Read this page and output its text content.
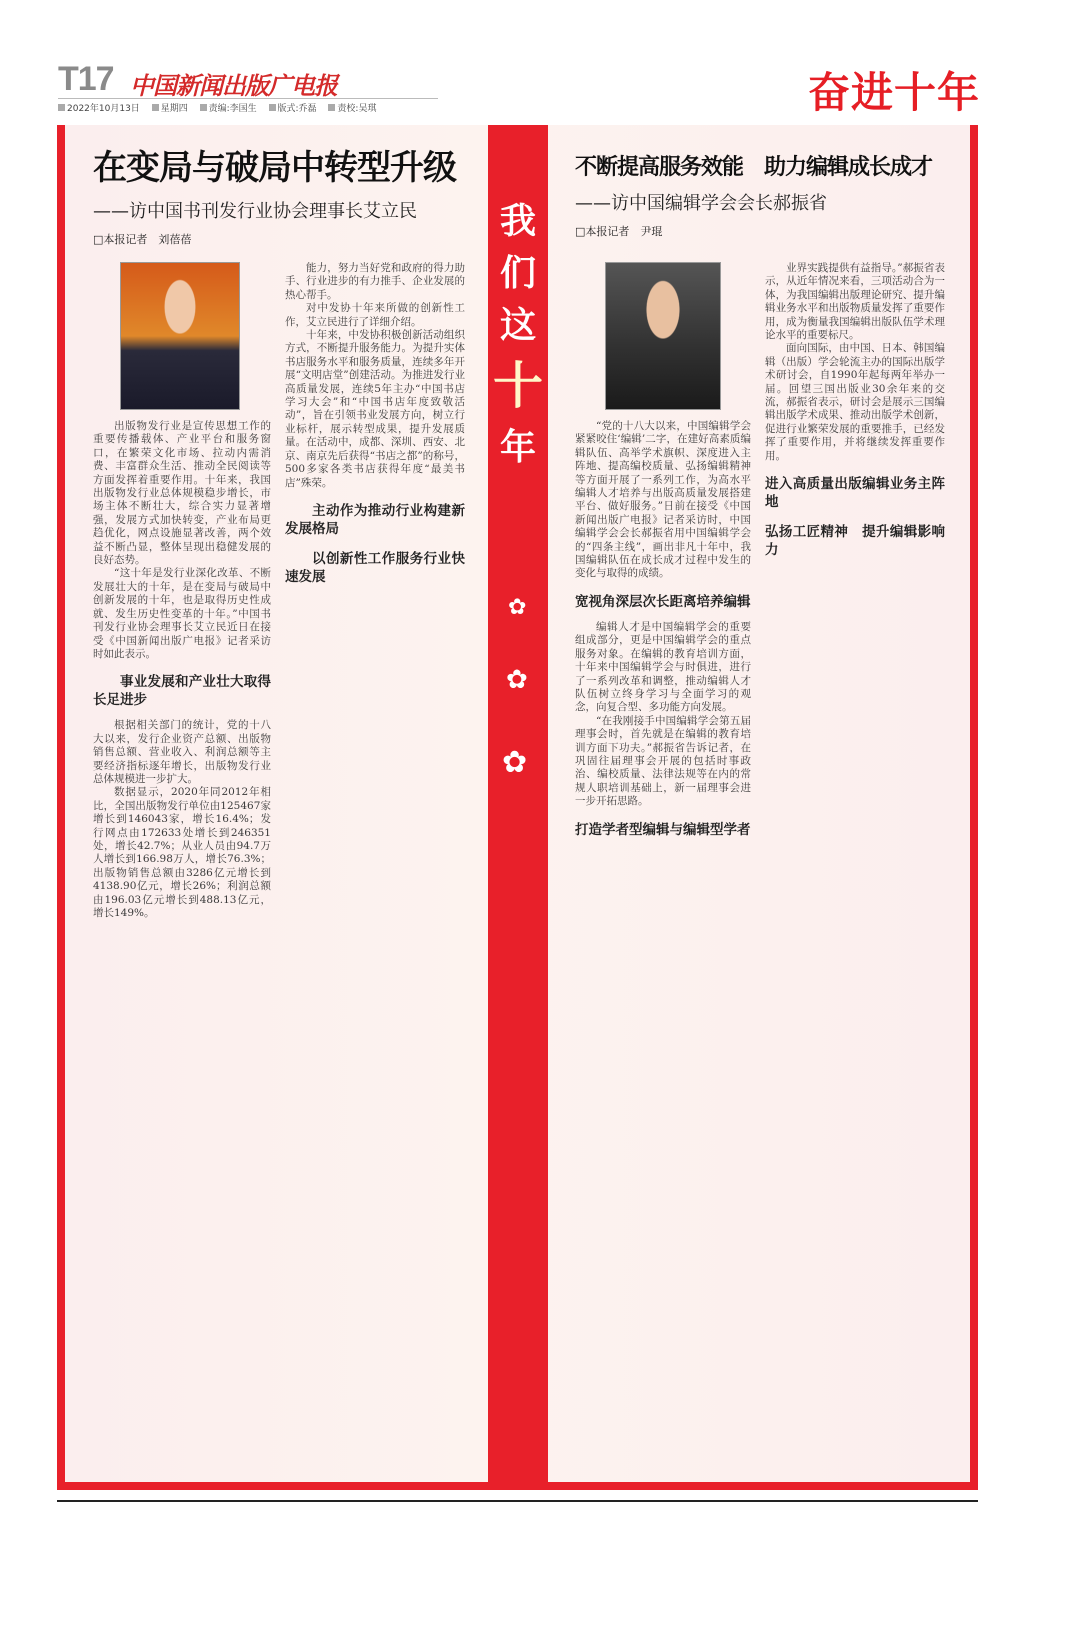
T17 中国新闻出版广电报
2022年10月13日 星期四 责编:李国生 版式:乔磊 责校:吴琪	奋进十年
我
们
这
十
年
✿
✿
✿
在变局与破局中转型升级
——访中国书刊发行业协会理事长艾立民
□本报记者　刘蓓蓓

出版物发行业是宣传思想工作的重要传播载体、产业平台和服务窗口，在繁荣文化市场、拉动内需消费、丰富群众生活、推动全民阅读等方面发挥着重要作用。十年来，我国出版物发行业总体规模稳步增长，市场主体不断壮大，综合实力显著增强，发展方式加快转变，产业布局更趋优化，网点设施显著改善，两个效益不断凸显，整体呈现出稳健发展的良好态势。

“这十年是发行业深化改革、不断发展壮大的十年，是在变局与破局中创新发展的十年，也是取得历史性成就、发生历史性变革的十年。”中国书刊发行业协会理事长艾立民近日在接受《中国新闻出版广电报》记者采访时如此表示。

事业发展和产业壮大取得长足进步

根据相关部门的统计，党的十八大以来，发行企业资产总额、出版物销售总额、营业收入、利润总额等主要经济指标逐年增长，出版物发行业总体规模进一步扩大。

数据显示，2020年同2012年相比，全国出版物发行单位由125467家增长到146043家，增长16.4%；发行网点由172633处增长到246351处，增长42.7%；从业人员由94.7万人增长到166.98万人，增长76.3%；出版物销售总额由3286亿元增长到4138.90亿元，增长26%；利润总额由196.03亿元增长到488.13亿元，增长149%。

能力，努力当好党和政府的得力助手、行业进步的有力推手、企业发展的热心帮手。

对中发协十年来所做的创新性工作，艾立民进行了详细介绍。

十年来，中发协积极创新活动组织方式，不断提升服务能力。为提升实体书店服务水平和服务质量，连续多年开展“文明店堂”创建活动。为推进发行业高质量发展，连续5年主办“中国书店学习大会”和“中国书店年度致敬活动”，旨在引领书业发展方向，树立行业标杆，展示转型成果，提升发展质量。在活动中，成都、深圳、西安、北京、南京先后获得“书店之都”的称号，500多家各类书店获得年度“最美书店”殊荣。

主动作为推动行业构建新发展格局
以创新性工作服务行业快速发展
不断提高服务效能　助力编辑成长成才
——访中国编辑学会会长郝振省
□本报记者　尹琨

“党的十八大以来，中国编辑学会紧紧咬住‘编辑’二字，在建好高素质编辑队伍、高举学术旗帜、深度进入主阵地、提高编校质量、弘扬编辑精神等方面开展了一系列工作，为高水平编辑人才培养与出版高质量发展搭建平台、做好服务。”日前在接受《中国新闻出版广电报》记者采访时，中国编辑学会会长郝振省用中国编辑学会的“四条主线”，画出非凡十年中，我国编辑队伍在成长成才过程中发生的变化与取得的成绩。

宽视角深层次长距离培养编辑

编辑人才是中国编辑学会的重要组成部分，更是中国编辑学会的重点服务对象。在编辑的教育培训方面，十年来中国编辑学会与时俱进，进行了一系列改革和调整，推动编辑人才队伍树立终身学习与全面学习的观念，向复合型、多功能方向发展。

“在我刚接手中国编辑学会第五届理事会时，首先就是在编辑的教育培训方面下功夫。”郝振省告诉记者，在巩固往届理事会开展的包括时事政治、编校质量、法律法规等在内的常规人职培训基础上，新一届理事会进一步开拓思路。

打造学者型编辑与编辑型学者

业界实践提供有益指导。”郝振省表示，从近年情况来看，三项活动合为一体，为我国编辑出版理论研究、提升编辑业务水平和出版物质量发挥了重要作用，成为衡量我国编辑出版队伍学术理论水平的重要标尺。

面向国际，由中国、日本、韩国编辑（出版）学会轮流主办的国际出版学术研讨会，自1990年起每两年举办一届。回望三国出版业30余年来的交流，郝振省表示，研讨会是展示三国编辑出版学术成果、推动出版学术创新，促进行业繁荣发展的重要推手，已经发挥了重要作用，并将继续发挥重要作用。

进入高质量出版编辑业务主阵地
弘扬工匠精神　提升编辑影响力
